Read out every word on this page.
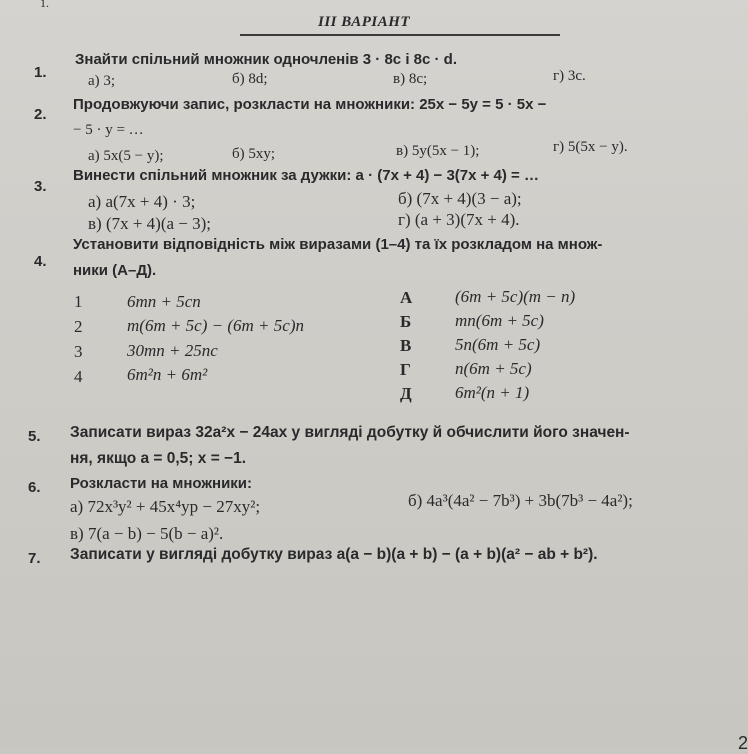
1.
ІІІ ВАРІАНТ
1.
Знайти спільний множник одночленів 3 · 8c і 8c · d.
а) 3;	б) 8d;	в) 8c;	г) 3c.
2.
Продовжуючи запис, розкласти на множники: 25x − 5y = 5 · 5x −
− 5 · y = …
а) 5x(5 − y);	б) 5xy;	в) 5y(5x − 1);	г) 5(5x − y).
3.
Винести спільний множник за дужки: a · (7x + 4) − 3(7x + 4) = …
а) a(7x + 4) · 3;	б) (7x + 4)(3 − a);
в) (7x + 4)(a − 3);	г) (a + 3)(7x + 4).
4.
Установити відповідність між виразами (1–4) та їх розкладом на множ-
ники (А–Д).
1	6mn + 5cn
2	m(6m + 5c) − (6m + 5c)n
3	30mn + 25nc
4	6m²n + 6m²
А	(6m + 5c)(m − n)
Б	mn(6m + 5c)
В	5n(6m + 5c)
Г	n(6m + 5c)
Д	6m²(n + 1)
5. Записати вираз 32a²x − 24ax у вигляді добутку й обчислити його значен-
ня, якщо a = 0,5; x = −1.
6. Розкласти на множники:
а) 72x³y² + 45x⁴yp − 27xy²;	б) 4a³(4a² − 7b³) + 3b(7b³ − 4a²);
в) 7(a − b) − 5(b − a)².
7. Записати у вигляді добутку вираз a(a − b)(a + b) − (a + b)(a² − ab + b²).
2
